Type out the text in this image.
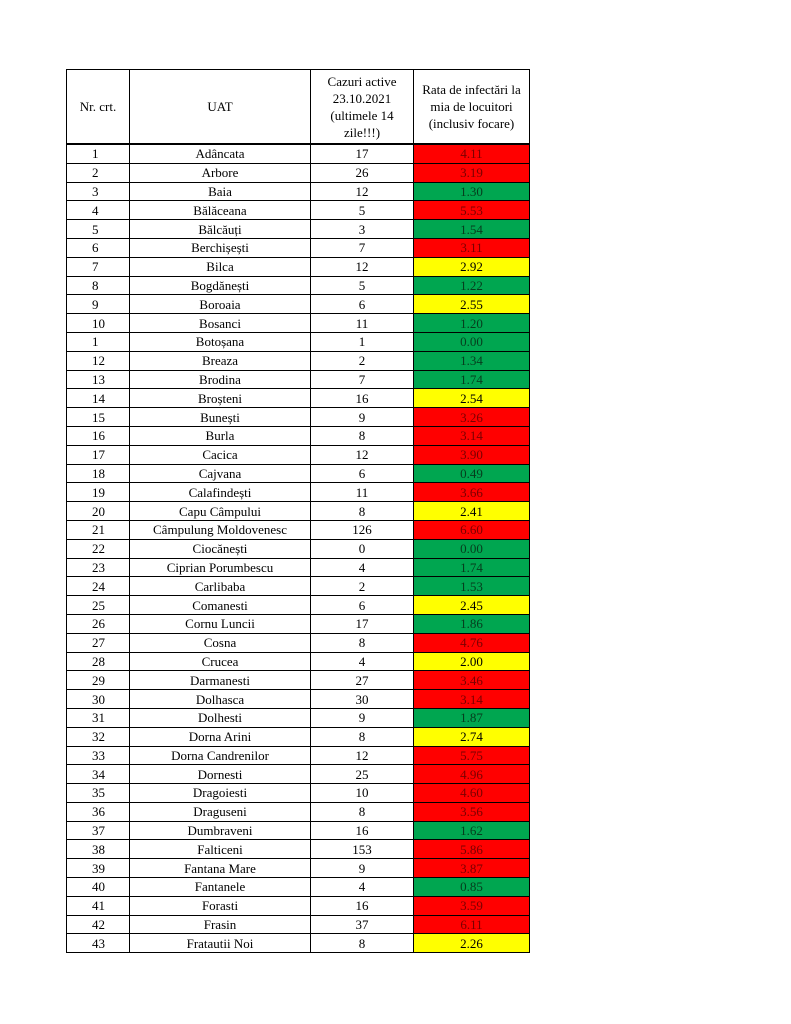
Nr. crt.	UAT	Cazuri active
23.10.2021
(ultimele 14
zile!!!)	Rata de infectări la
mia de locuitori
(inclusiv focare)
1	Adâncata	17	4.11
2	Arbore	26	3.19
3	Baia	12	1.30
4	Bălăceana	5	5.53
5	Bălcăuți	3	1.54
6	Berchișești	7	3.11
7	Bilca	12	2.92
8	Bogdănești	5	1.22
9	Boroaia	6	2.55
10	Bosanci	11	1.20
1	Botoșana	1	0.00
12	Breaza	2	1.34
13	Brodina	7	1.74
14	Broșteni	16	2.54
15	Bunești	9	3.26
16	Burla	8	3.14
17	Cacica	12	3.90
18	Cajvana	6	0.49
19	Calafindești	11	3.66
20	Capu Câmpului	8	2.41
21	Câmpulung Moldovenesc	126	6.60
22	Ciocănești	0	0.00
23	Ciprian Porumbescu	4	1.74
24	Carlibaba	2	1.53
25	Comanesti	6	2.45
26	Cornu Luncii	17	1.86
27	Cosna	8	4.76
28	Crucea	4	2.00
29	Darmanesti	27	3.46
30	Dolhasca	30	3.14
31	Dolhesti	9	1.87
32	Dorna Arini	8	2.74
33	Dorna Candrenilor	12	5.75
34	Dornesti	25	4.96
35	Dragoiesti	10	4.60
36	Draguseni	8	3.56
37	Dumbraveni	16	1.62
38	Falticeni	153	5.86
39	Fantana Mare	9	3.87
40	Fantanele	4	0.85
41	Forasti	16	3.59
42	Frasin	37	6.11
43	Fratautii Noi	8	2.26
